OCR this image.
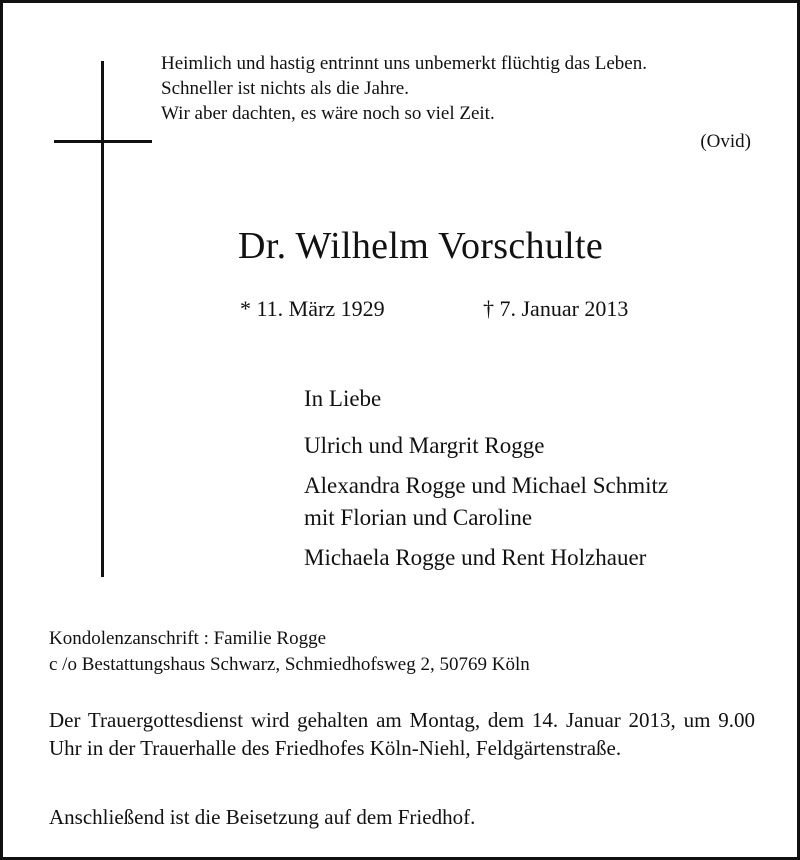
Heimlich und hastig entrinnt uns unbemerkt flüchtig das Leben.
Schneller ist nichts als die Jahre.
Wir aber dachten, es wäre noch so viel Zeit.
(Ovid)
Dr. Wilhelm Vorschulte
* 11. März 1929	† 7. Januar 2013
In Liebe
Ulrich und Margrit Rogge
Alexandra Rogge und Michael Schmitz
mit Florian und Caroline
Michaela Rogge und Rent Holzhauer
Kondolenzanschrift : Familie Rogge
c /o Bestattungshaus Schwarz, Schmiedhofsweg 2, 50769 Köln
Der Trauergottesdienst wird gehalten am Montag, dem 14. Januar 2013, um 9.00 Uhr in der Trauerhalle des Friedhofes Köln-Niehl, Feldgärtenstraße.
Anschließend ist die Beisetzung auf dem Friedhof.
